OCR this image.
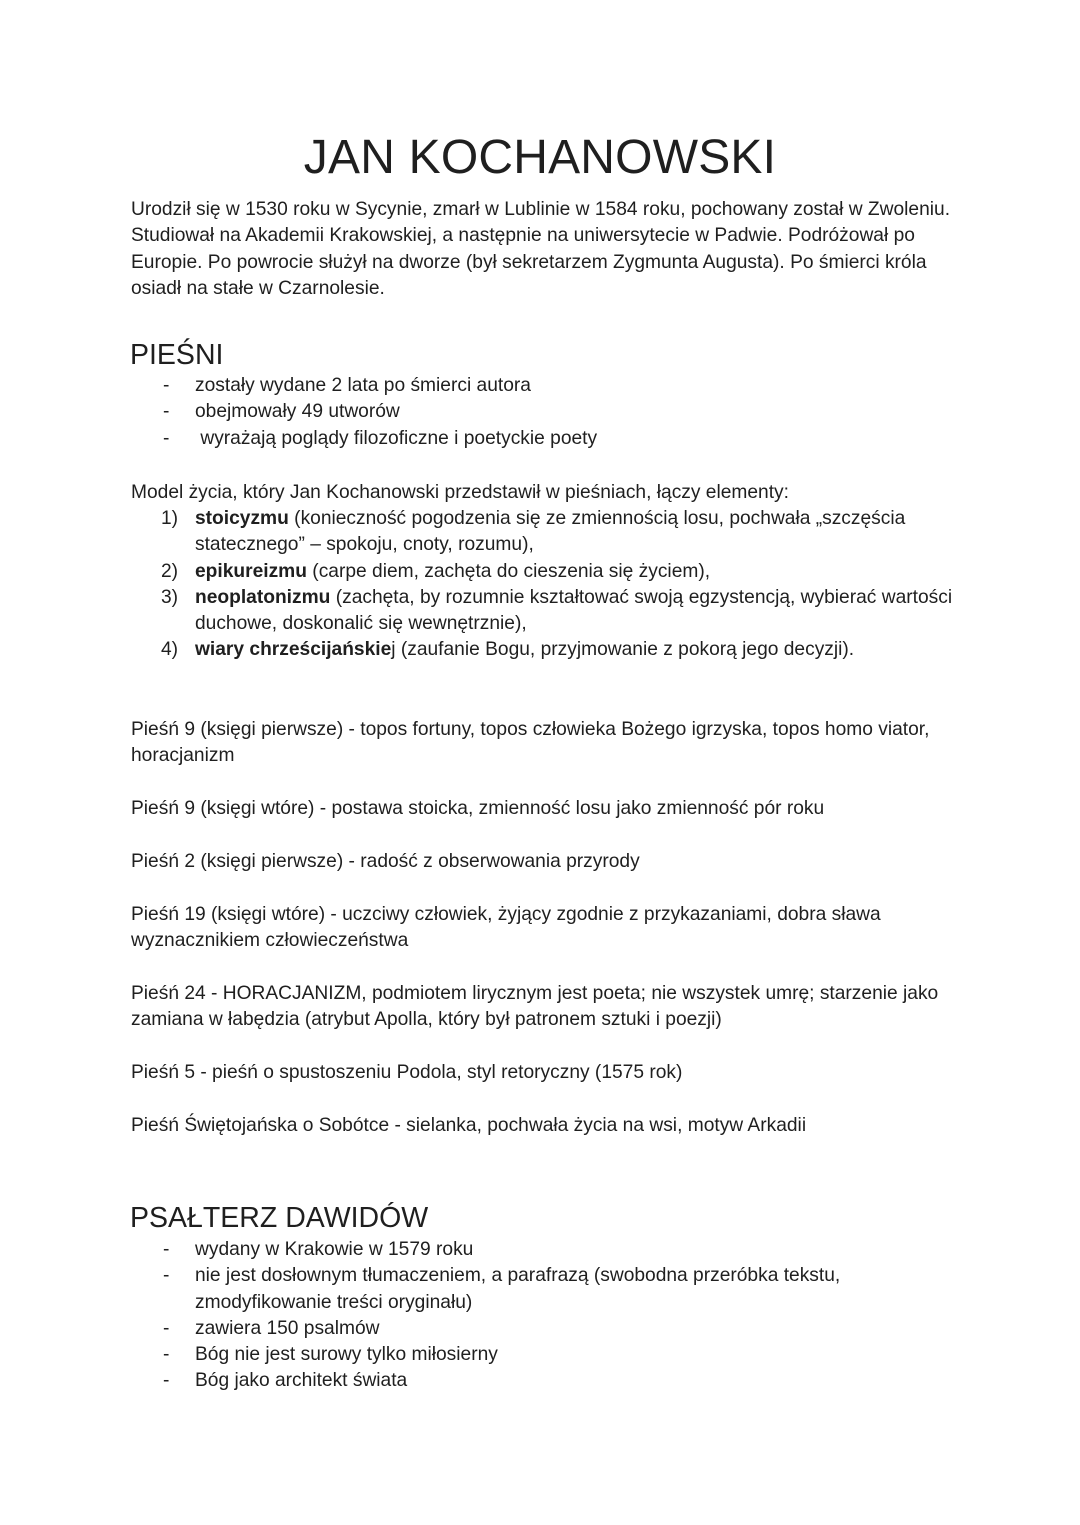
JAN KOCHANOWSKI
Urodził się w 1530 roku w Sycynie, zmarł w Lublinie w 1584 roku, pochowany został w Zwoleniu. Studiował na Akademii Krakowskiej, a następnie na uniwersytecie w Padwie. Podróżował po Europie. Po powrocie służył na dworze (był sekretarzem Zygmunta Augusta). Po śmierci króla osiadł na stałe w Czarnolesie.
PIEŚNI
- zostały wydane 2 lata po śmierci autora
- obejmowały 49 utworów
- wyrażają poglądy filozoficzne i poetyckie poety
Model życia, który Jan Kochanowski przedstawił w pieśniach, łączy elementy:
1) stoicyzmu (konieczność pogodzenia się ze zmiennością losu, pochwała „szczęścia statecznego” – spokoju, cnoty, rozumu),
2) epikureizmu (carpe diem, zachęta do cieszenia się życiem),
3) neoplatonizmu (zachęta, by rozumnie kształtować swoją egzystencją, wybierać wartości duchowe, doskonalić się wewnętrznie),
4) wiary chrześcijańskiej (zaufanie Bogu, przyjmowanie z pokorą jego decyzji).
Pieśń 9 (księgi pierwsze) - topos fortuny, topos człowieka Bożego igrzyska, topos homo viator, horacjanizm
Pieśń 9 (księgi wtóre) - postawa stoicka, zmienność losu jako zmienność pór roku
Pieśń 2 (księgi pierwsze) - radość z obserwowania przyrody
Pieśń 19 (księgi wtóre) - uczciwy człowiek, żyjący zgodnie z przykazaniami, dobra sława wyznacznikiem człowieczeństwa
Pieśń 24 - HORACJANIZM, podmiotem lirycznym jest poeta; nie wszystek umrę; starzenie jako zamiana w łabędzia (atrybut Apolla, który był patronem sztuki i poezji)
Pieśń 5 - pieśń o spustoszeniu Podola, styl retoryczny (1575 rok)
Pieśń Świętojańska o Sobótce - sielanka, pochwała życia na wsi, motyw Arkadii
PSAŁTERZ DAWIDÓW
- wydany w Krakowie w 1579 roku
- nie jest dosłownym tłumaczeniem, a parafrazą (swobodna przeróbka tekstu, zmodyfikowanie treści oryginału)
- zawiera 150 psalmów
- Bóg nie jest surowy tylko miłosierny
- Bóg jako architekt świata
